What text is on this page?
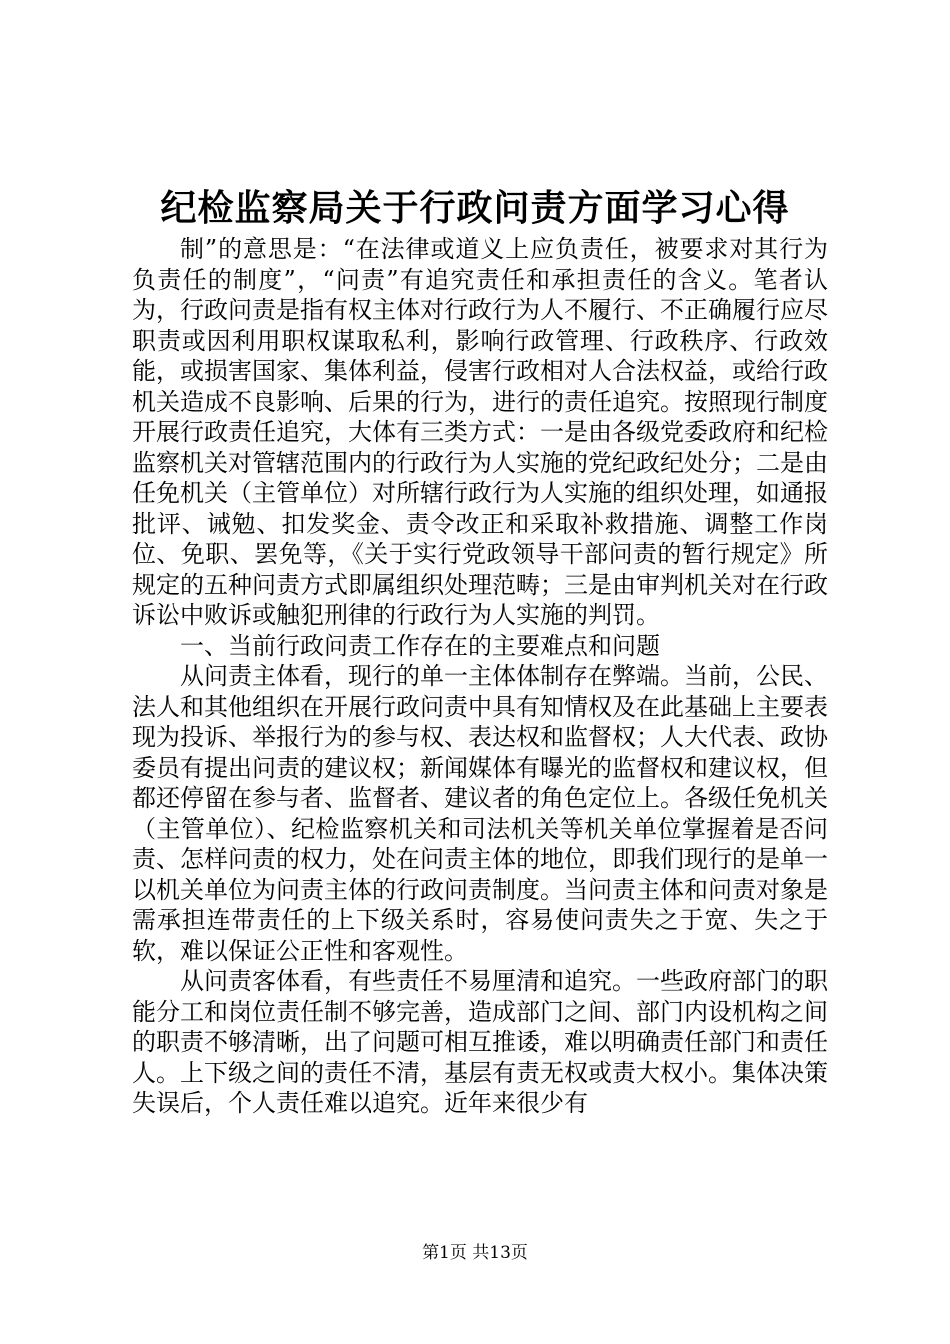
纪检监察局关于行政问责方面学习心得

制”的意思是：“在法律或道义上应负责任，被要求对其行为负责任的制度”，“问责”有追究责任和承担责任的含义。笔者认为，行政问责是指有权主体对行政行为人不履行、不正确履行应尽职责或因利用职权谋取私利，影响行政管理、行政秩序、行政效能，或损害国家、集体利益，侵害行政相对人合法权益，或给行政机关造成不良影响、后果的行为，进行的责任追究。按照现行制度开展行政责任追究，大体有三类方式：一是由各级党委政府和纪检监察机关对管辖范围内的行政行为人实施的党纪政纪处分；二是由任免机关（主管单位）对所辖行政行为人实施的组织处理，如通报批评、诫勉、扣发奖金、责令改正和采取补救措施、调整工作岗位、免职、罢免等，《关于实行党政领导干部问责的暂行规定》所规定的五种问责方式即属组织处理范畴；三是由审判机关对在行政诉讼中败诉或触犯刑律的行政行为人实施的判罚。

一、当前行政问责工作存在的主要难点和问题

从问责主体看，现行的单一主体体制存在弊端。当前，公民、法人和其他组织在开展行政问责中具有知情权及在此基础上主要表现为投诉、举报行为的参与权、表达权和监督权；人大代表、政协委员有提出问责的建议权；新闻媒体有曝光的监督权和建议权，但都还停留在参与者、监督者、建议者的角色定位上。各级任免机关（主管单位）、纪检监察机关和司法机关等机关单位掌握着是否问责、怎样问责的权力，处在问责主体的地位，即我们现行的是单一以机关单位为问责主体的行政问责制度。当问责主体和问责对象是需承担连带责任的上下级关系时，容易使问责失之于宽、失之于软，难以保证公正性和客观性。

从问责客体看，有些责任不易厘清和追究。一些政府部门的职能分工和岗位责任制不够完善，造成部门之间、部门内设机构之间的职责不够清晰，出了问题可相互推诿，难以明确责任部门和责任人。上下级之间的责任不清，基层有责无权或责大权小。集体决策失误后，个人责任难以追究。近年来很少有

第1页 共13页
